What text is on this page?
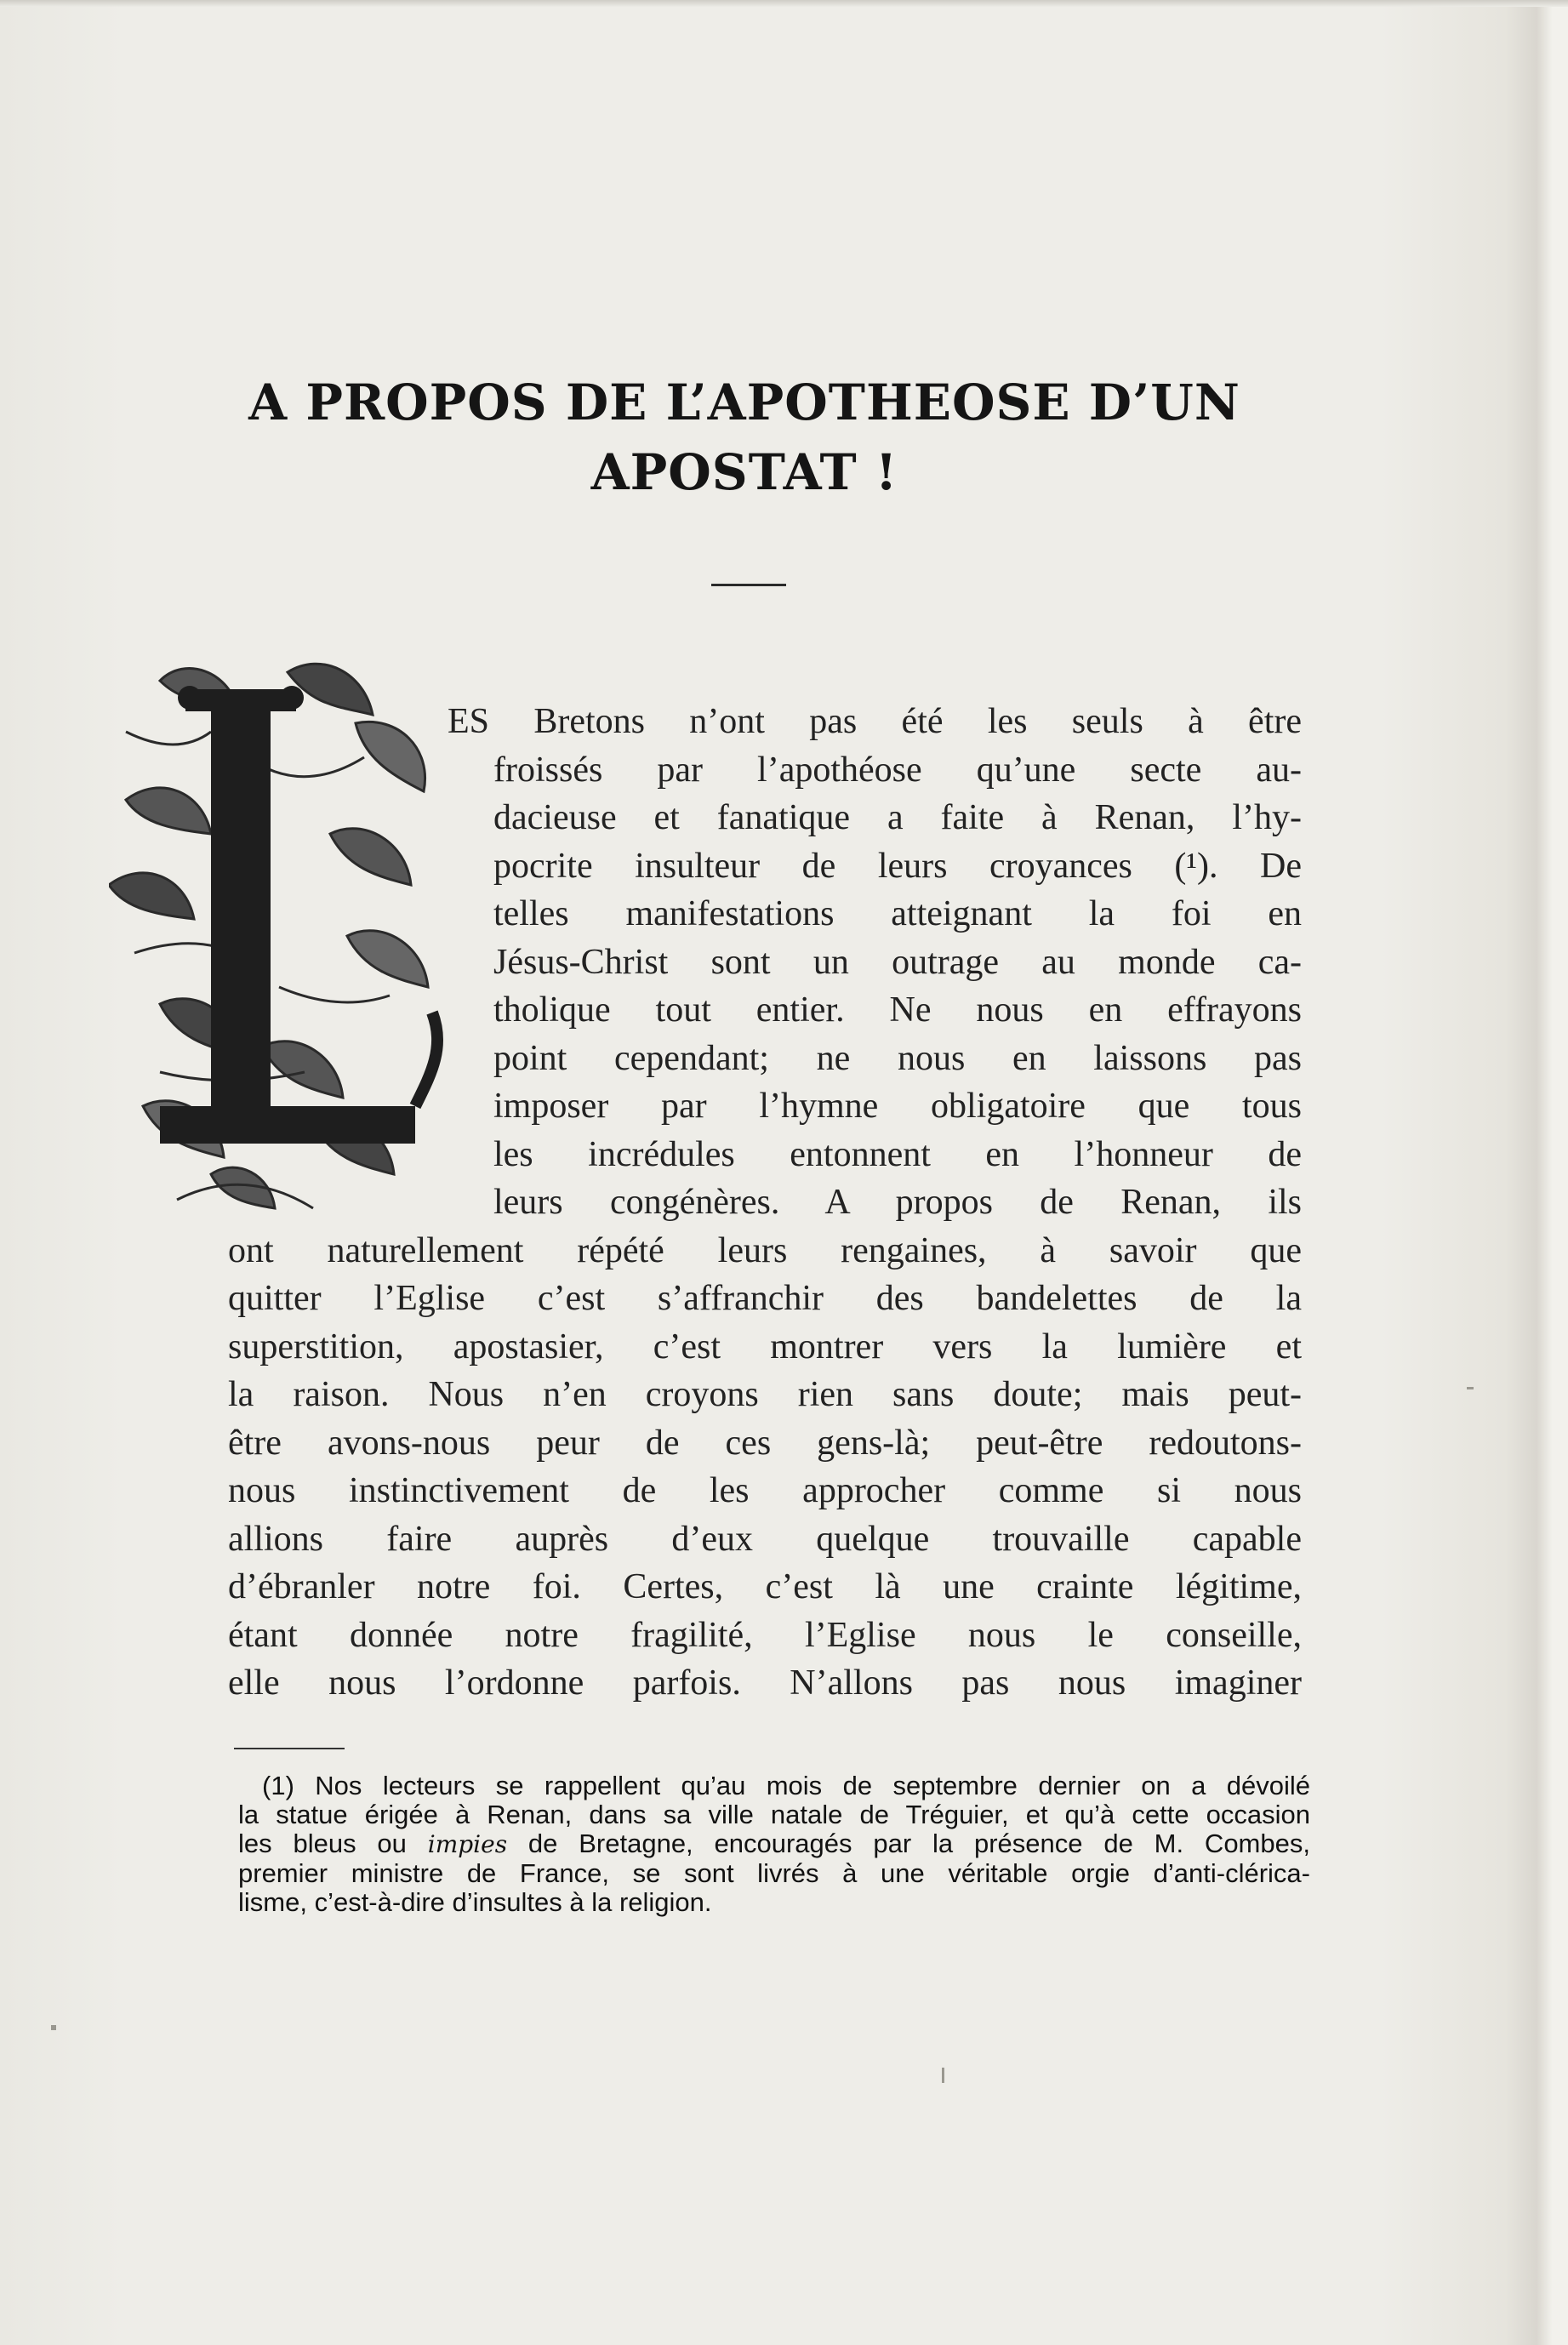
A PROPOS DE L’APOTHEOSE D’UN
APOSTAT !
ES Bretons n’ont pas été les seuls à être
froissés par l’apothéose qu’une secte au-
dacieuse et fanatique a faite à Renan, l’hy-
pocrite insulteur de leurs croyances (¹). De
telles manifestations atteignant la foi en
Jésus-Christ sont un outrage au monde ca-
tholique tout entier. Ne nous en effrayons
point cependant; ne nous en laissons pas
imposer par l’hymne obligatoire que tous
les incrédules entonnent en l’honneur de
leurs congénères. A propos de Renan, ils
ont naturellement répété leurs rengaines, à savoir que
quitter l’Eglise c’est s’affranchir des bandelettes de la
superstition, apostasier, c’est montrer vers la lumière et
la raison. Nous n’en croyons rien sans doute; mais peut-
être avons-nous peur de ces gens-là; peut-être redoutons-
nous instinctivement de les approcher comme si nous
allions faire auprès d’eux quelque trouvaille capable
d’ébranler notre foi. Certes, c’est là une crainte légitime,
étant donnée notre fragilité, l’Eglise nous le conseille,
elle nous l’ordonne parfois. N’allons pas nous imaginer
(1) Nos lecteurs se rappellent qu’au mois de septembre dernier on a dévoilé
la statue érigée à Renan, dans sa ville natale de Tréguier, et qu’à cette occasion
les bleus ou impies de Bretagne, encouragés par la présence de M. Combes,
premier ministre de France, se sont livrés à une véritable orgie d’anti-clérica-
lisme, c’est-à-dire d’insultes à la religion.
